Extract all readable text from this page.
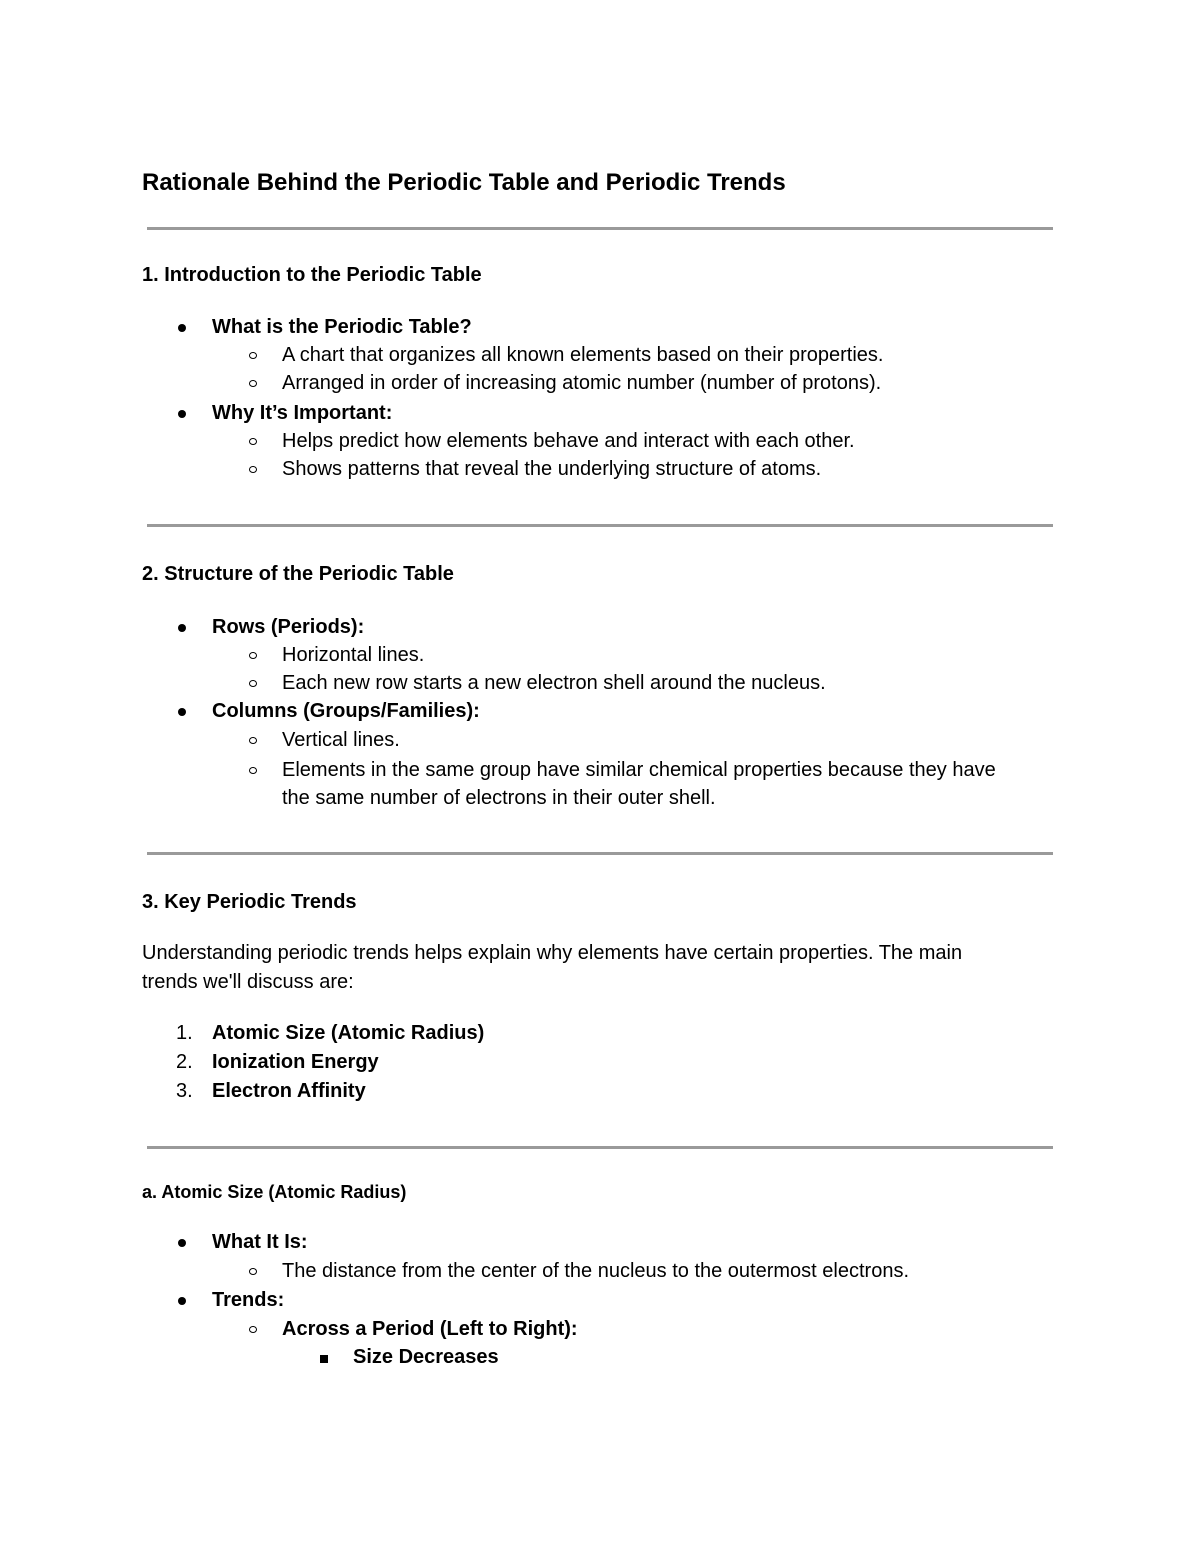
Rationale Behind the Periodic Table and Periodic Trends
1. Introduction to the Periodic Table
What is the Periodic Table?
A chart that organizes all known elements based on their properties.
Arranged in order of increasing atomic number (number of protons).
Why It’s Important:
Helps predict how elements behave and interact with each other.
Shows patterns that reveal the underlying structure of atoms.
2. Structure of the Periodic Table
Rows (Periods):
Horizontal lines.
Each new row starts a new electron shell around the nucleus.
Columns (Groups/Families):
Vertical lines.
Elements in the same group have similar chemical properties because they have
the same number of electrons in their outer shell.
3. Key Periodic Trends
Understanding periodic trends helps explain why elements have certain properties. The main
trends we'll discuss are:
1. Atomic Size (Atomic Radius)
2. Ionization Energy
3. Electron Affinity
a. Atomic Size (Atomic Radius)
What It Is:
The distance from the center of the nucleus to the outermost electrons.
Trends:
Across a Period (Left to Right):
Size Decreases
